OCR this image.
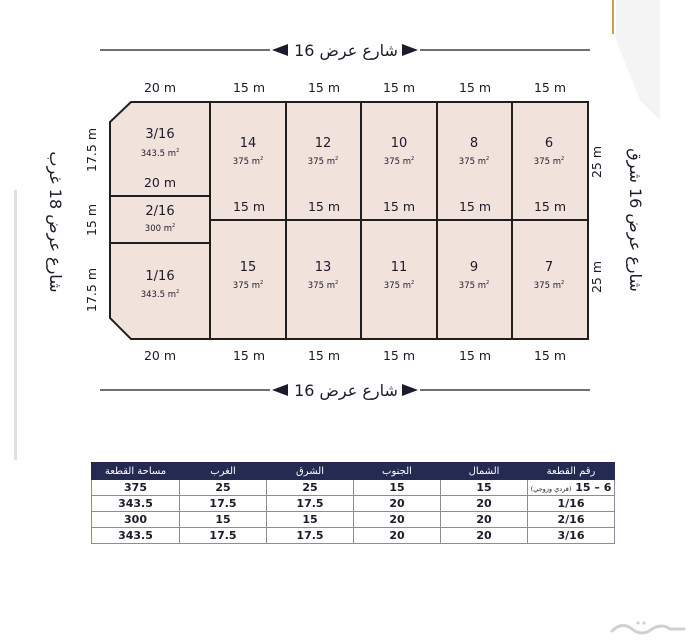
شارع عرض 16
20 m	15 m	15 m	15 m	15 m	15 m
20 m
15 m	15 m	15 m	15 m	15 m
3/16
343.5 $m^2$
2/16
300 $m^2$
1/16
343.5 $m^2$
14
375 $m^2$
12
375 $m^2$
10
375 $m^2$
8
375 $m^2$
6
375 $m^2$
15
375 $m^2$
13
375 $m^2$
11
375 $m^2$
9
375 $m^2$
7
375 $m^2$
17.5 m
15 m
17.5 m
شارع عرض 18 غرب
25 m
25 m
شارع عرض 16 شرق
20 m	15 m	15 m	15 m	15 m	15 m
شارع عرض 16
مساحة القطعة	الغرب	الشرق	الجنوب	الشمال	رقم القطعة
375	25	25	15	15	(فردي وزوجي) 6 – 15
343.5	17.5	17.5	20	20	1/16
300	15	15	20	20	2/16
343.5	17.5	17.5	20	20	3/16
